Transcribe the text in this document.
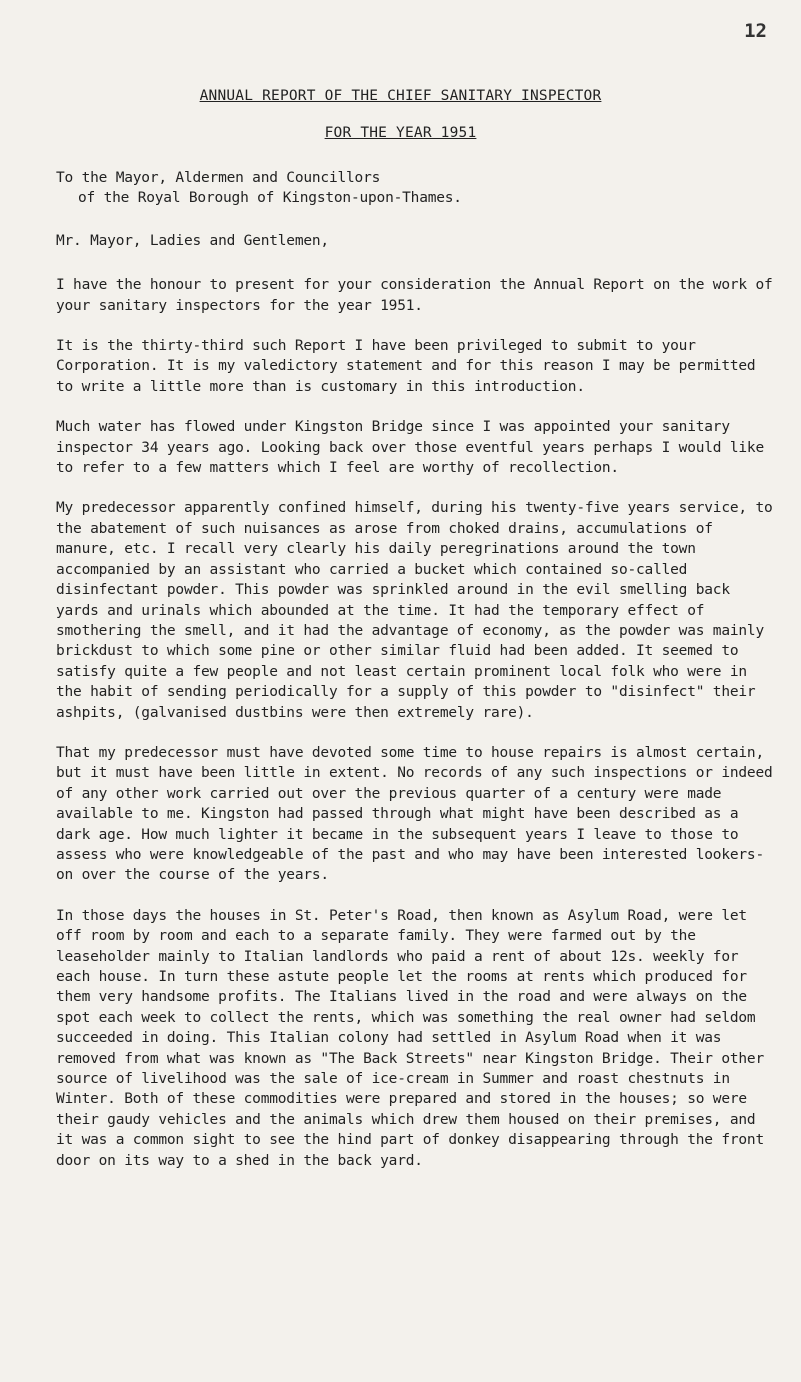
12
ANNUAL REPORT OF THE CHIEF SANITARY INSPECTOR
FOR THE YEAR 1951

To the Mayor, Aldermen and Councillors

of the Royal Borough of Kingston-upon-Thames.

Mr. Mayor, Ladies and Gentlemen,

I have the honour to present for your consideration the Annual Report on the work of your sanitary inspectors for the year 1951.

It is the thirty-third such Report I have been privileged to submit to your Corporation. It is my valedictory statement and for this reason I may be permitted to write a little more than is customary in this introduction.

Much water has flowed under Kingston Bridge since I was appointed your sanitary inspector 34 years ago. Looking back over those eventful years perhaps I would like to refer to a few matters which I feel are worthy of recollection.

My predecessor apparently confined himself, during his twenty-five years service, to the abatement of such nuisances as arose from choked drains, accumulations of manure, etc. I recall very clearly his daily peregrinations around the town accompanied by an assistant who carried a bucket which contained so-called disinfectant powder. This powder was sprinkled around in the evil smelling back yards and urinals which abounded at the time. It had the temporary effect of smothering the smell, and it had the advantage of economy, as the powder was mainly brickdust to which some pine or other similar fluid had been added. It seemed to satisfy quite a few people and not least certain prominent local folk who were in the habit of sending periodically for a supply of this powder to "disinfect" their ashpits, (galvanised dustbins were then extremely rare).

That my predecessor must have devoted some time to house repairs is almost certain, but it must have been little in extent. No records of any such inspections or indeed of any other work carried out over the previous quarter of a century were made available to me. Kingston had passed through what might have been described as a dark age. How much lighter it became in the subsequent years I leave to those to assess who were knowledgeable of the past and who may have been interested lookers-on over the course of the years.

In those days the houses in St. Peter's Road, then known as Asylum Road, were let off room by room and each to a separate family. They were farmed out by the leaseholder mainly to Italian landlords who paid a rent of about 12s. weekly for each house. In turn these astute people let the rooms at rents which produced for them very handsome profits. The Italians lived in the road and were always on the spot each week to collect the rents, which was something the real owner had seldom succeeded in doing. This Italian colony had settled in Asylum Road when it was removed from what was known as "The Back Streets" near Kingston Bridge. Their other source of livelihood was the sale of ice-cream in Summer and roast chestnuts in Winter. Both of these commodities were prepared and stored in the houses; so were their gaudy vehicles and the animals which drew them housed on their premises, and it was a common sight to see the hind part of donkey disappearing through the front door on its way to a shed in the back yard.
